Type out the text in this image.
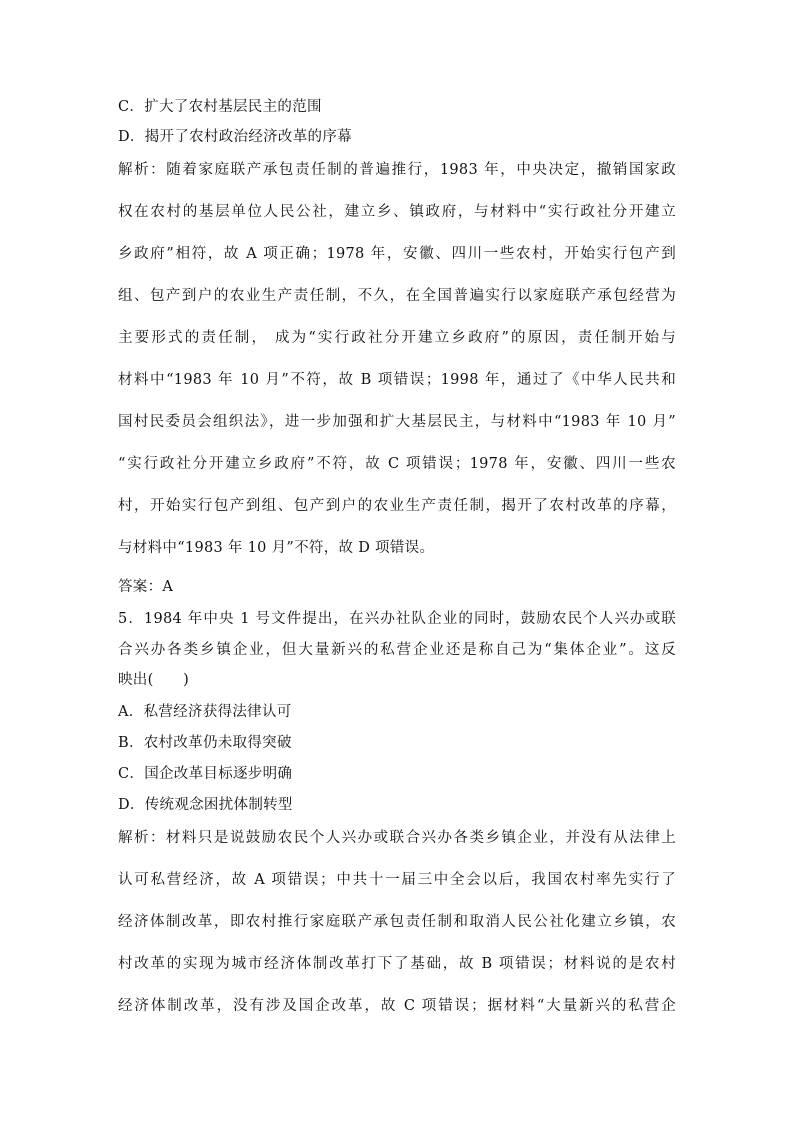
C．扩大了农村基层民主的范围
D．揭开了农村政治经济改革的序幕
解析：随着家庭联产承包责任制的普遍推行，1983 年，中央决定，撤销国家政
权在农村的基层单位人民公社，建立乡、镇政府，与材料中“实行政社分开建立
乡政府”相符，故 A 项正确；1978 年，安徽、四川一些农村，开始实行包产到
组、包产到户的农业生产责任制，不久，在全国普遍实行以家庭联产承包经营为
主要形式的责任制， 成为“实行政社分开建立乡政府”的原因，责任制开始与
材料中“1983 年 10 月”不符，故 B 项错误；1998 年，通过了《中华人民共和
国村民委员会组织法》，进一步加强和扩大基层民主，与材料中“1983 年 10 月”
“实行政社分开建立乡政府”不符，故 C 项错误；1978 年，安徽、四川一些农
村，开始实行包产到组、包产到户的农业生产责任制，揭开了农村改革的序幕，
与材料中“1983 年 10 月”不符，故 D 项错误。
答案：A
5．1984 年中央 1 号文件提出，在兴办社队企业的同时，鼓励农民个人兴办或联
合兴办各类乡镇企业，但大量新兴的私营企业还是称自己为“集体企业”。这反
映出(　　)
A．私营经济获得法律认可
B．农村改革仍未取得突破
C．国企改革目标逐步明确
D．传统观念困扰体制转型
解析：材料只是说鼓励农民个人兴办或联合兴办各类乡镇企业，并没有从法律上
认可私营经济，故 A 项错误；中共十一届三中全会以后，我国农村率先实行了
经济体制改革，即农村推行家庭联产承包责任制和取消人民公社化建立乡镇，农
村改革的实现为城市经济体制改革打下了基础，故 B 项错误；材料说的是农村
经济体制改革，没有涉及国企改革，故 C 项错误；据材料“大量新兴的私营企
